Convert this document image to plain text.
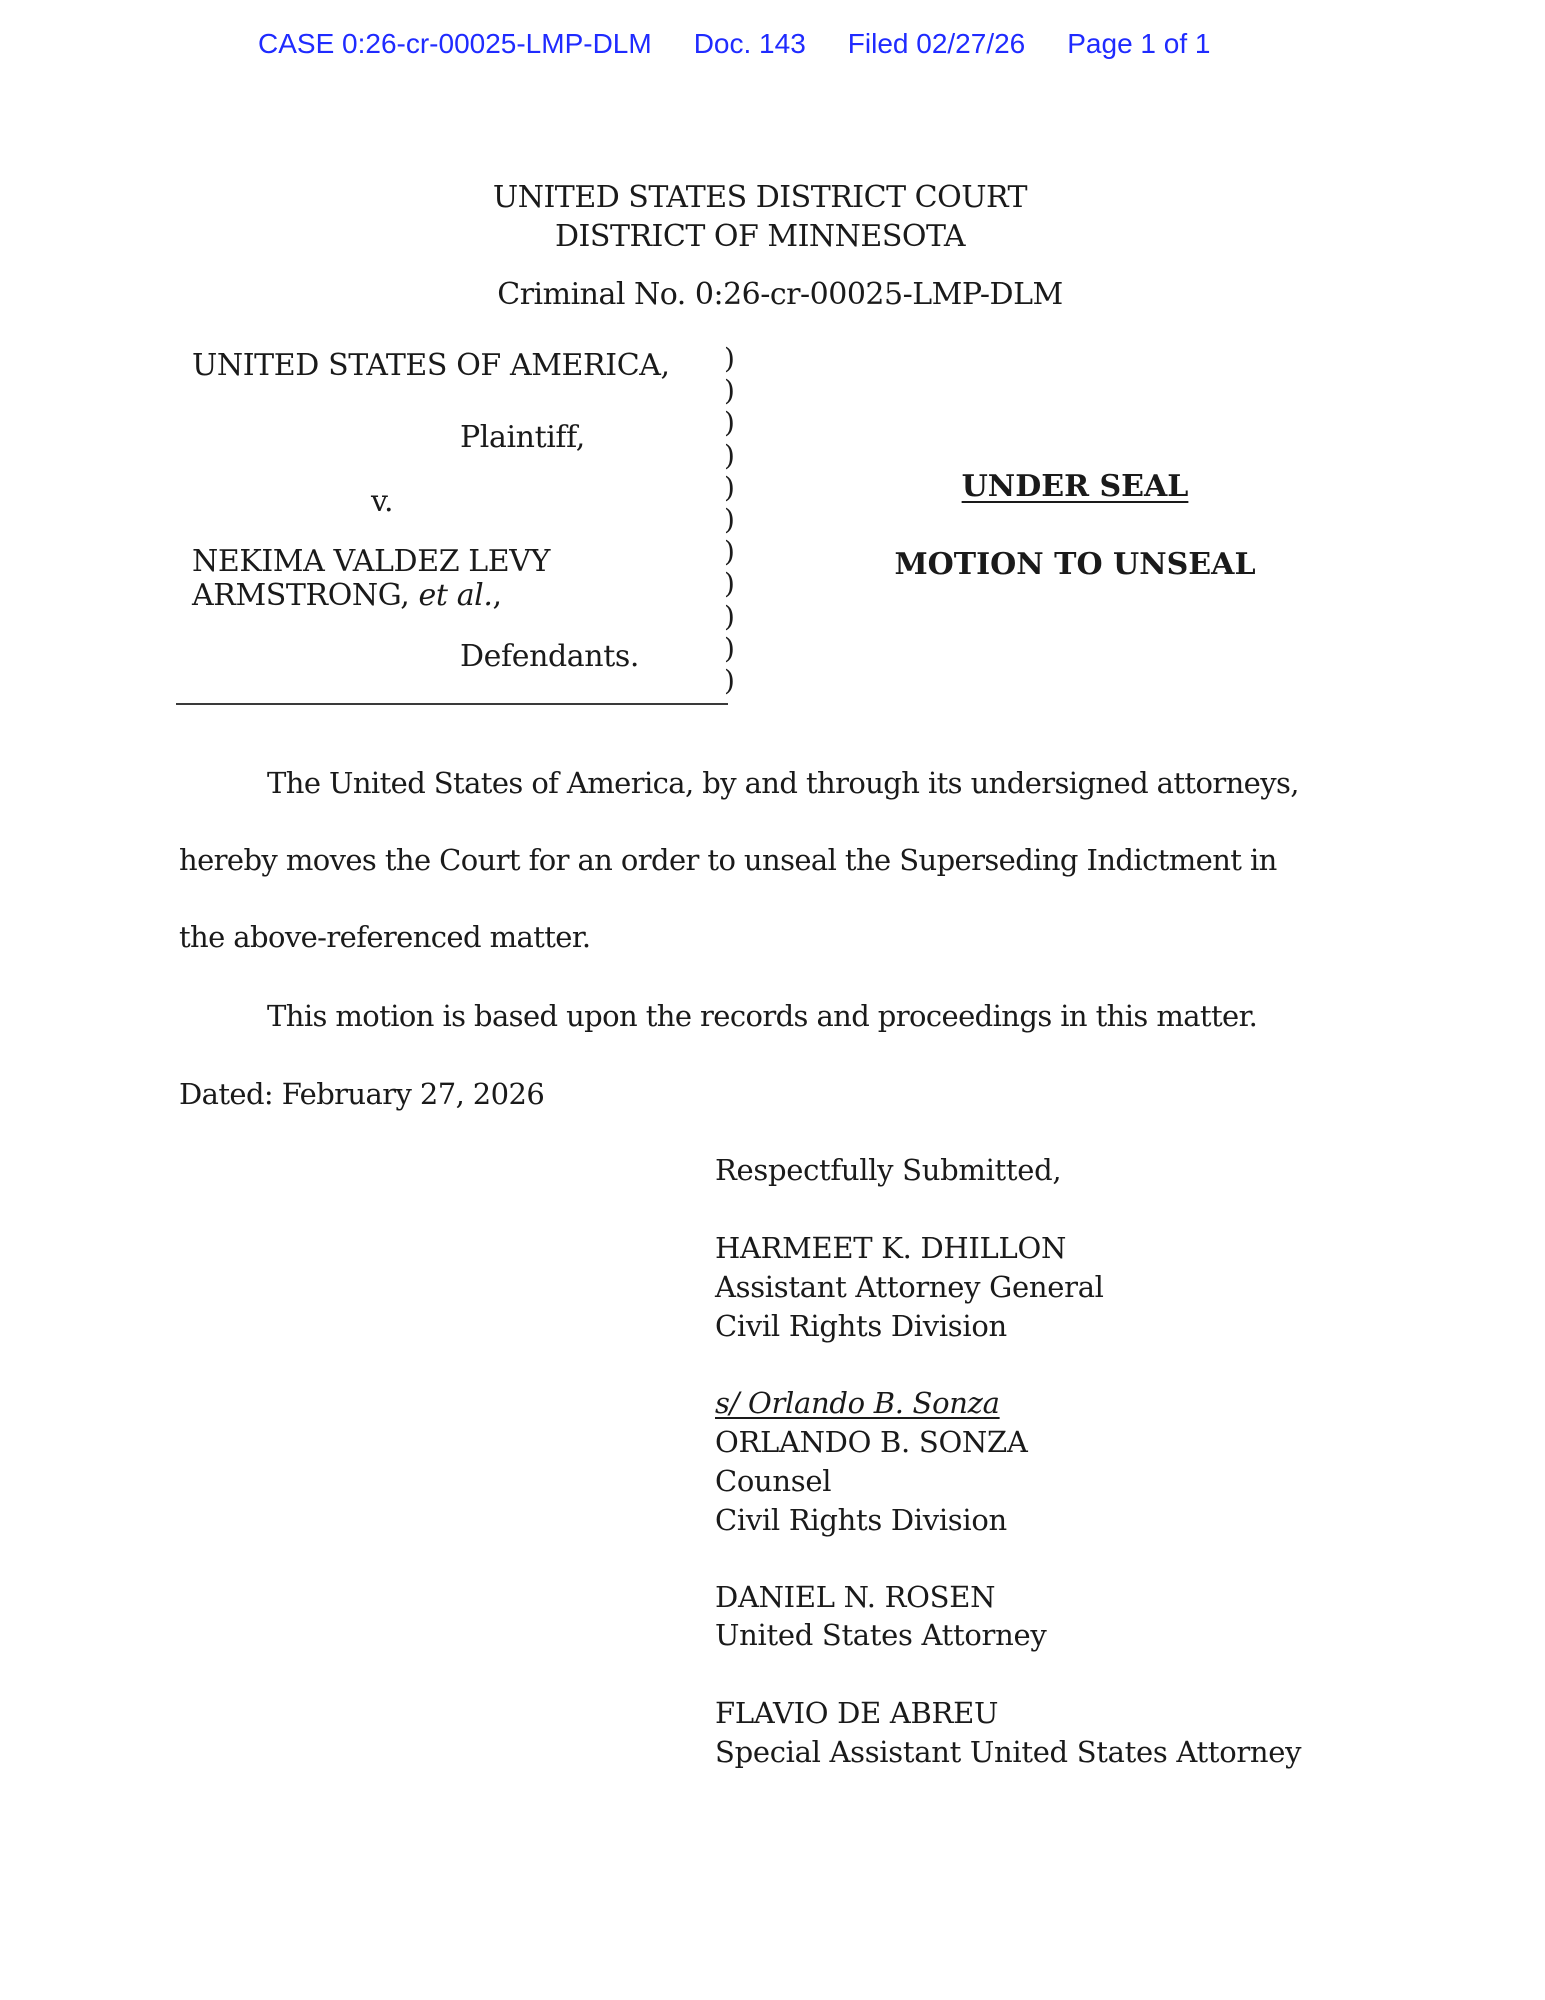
CASE 0:26-cr-00025-LMP-DLM Doc. 143 Filed 02/27/26 Page 1 of 1
UNITED STATES DISTRICT COURT
DISTRICT OF MINNESOTA
Criminal No. 0:26-cr-00025-LMP-DLM
UNITED STATES OF AMERICA,
Plaintiff,
v.
NEKIMA VALDEZ LEVY
ARMSTRONG, et al.,
Defendants.
)
)
)
)
)
)
)
)
)
)
)
UNDER SEAL
MOTION TO UNSEAL
The United States of America, by and through its undersigned attorneys,
hereby moves the Court for an order to unseal the Superseding Indictment in
the above-referenced matter.
This motion is based upon the records and proceedings in this matter.
Dated: February 27, 2026
Respectfully Submitted,
HARMEET K. DHILLON
Assistant Attorney General
Civil Rights Division
s/ Orlando B. Sonza
ORLANDO B. SONZA
Counsel
Civil Rights Division
DANIEL N. ROSEN
United States Attorney
FLAVIO DE ABREU
Special Assistant United States Attorney
